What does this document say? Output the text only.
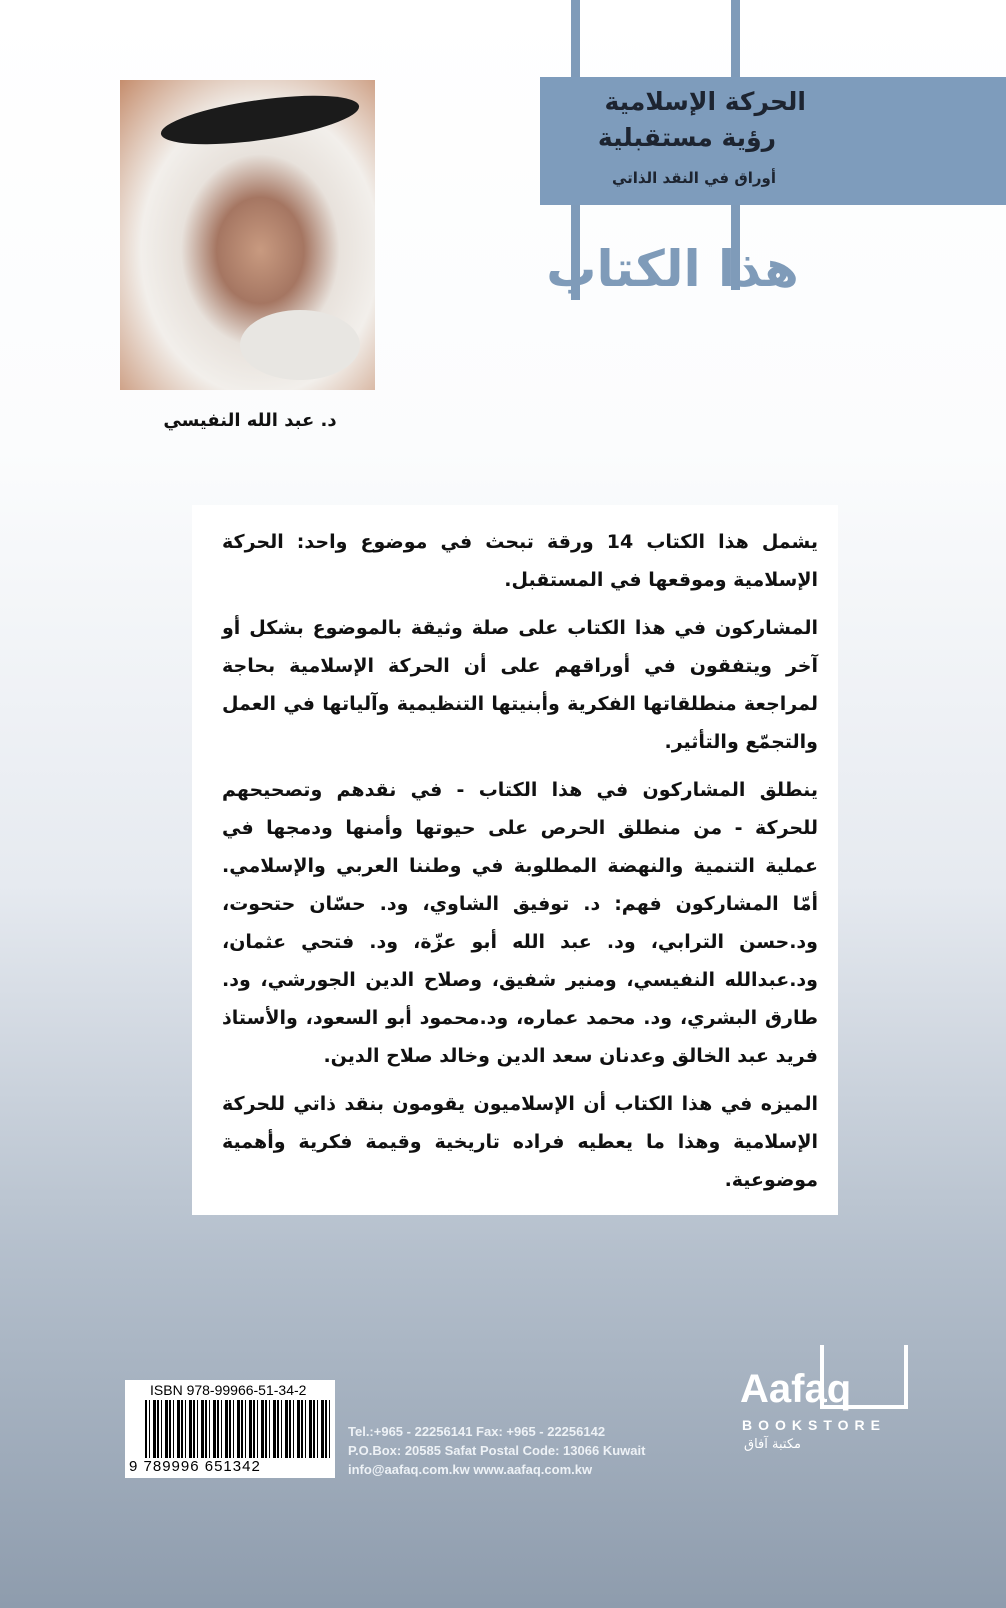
الحركة الإسلامية
رؤية مستقبلية
أوراق في النقد الذاتي
هذا الكتاب
د. عبد الله النفيسي

يشمل هذا الكتاب 14 ورقة تبحث في موضوع واحد: الحركة الإسلامية وموقعها في المستقبل.

المشاركون في هذا الكتاب على صلة وثيقة بالموضوع بشكل أو آخر ويتفقون في أوراقهم على أن الحركة الإسلامية بحاجة لمراجعة منطلقاتها الفكرية وأبنيتها التنظيمية وآلياتها في العمل والتجمّع والتأثير.

ينطلق المشاركون في هذا الكتاب - في نقدهم وتصحيحهم للحركة - من منطلق الحرص على حيوتها وأمنها ودمجها في عملية التنمية والنهضة المطلوبة في وطننا العربي والإسلامي. أمّا المشاركون فهم: د. توفيق الشاوي، ود. حسّان حتحوت، ود.حسن الترابي، ود. عبد الله أبو عزّة، ود. فتحي عثمان، ود.عبدالله النفيسي، ومنير شفيق، وصلاح الدين الجورشي، ود. طارق البشري، ود. محمد عماره، ود.محمود أبو السعود، والأستاذ فريد عبد الخالق وعدنان سعد الدين وخالد صلاح الدين.

الميزه في هذا الكتاب أن الإسلاميون يقومون بنقد ذاتي للحركة الإسلامية وهذا ما يعطيه فراده تاريخية وقيمة فكرية وأهمية موضوعية.

ISBN 978-99966-51-34-2
9 789996 651342
Tel.:+965 - 22256141 Fax: +965 - 22256142
P.O.Box: 20585 Safat Postal Code: 13066 Kuwait
info@aafaq.com.kw www.aafaq.com.kw
Aafaq
BOOKSTORE
مكتبة آفاق
